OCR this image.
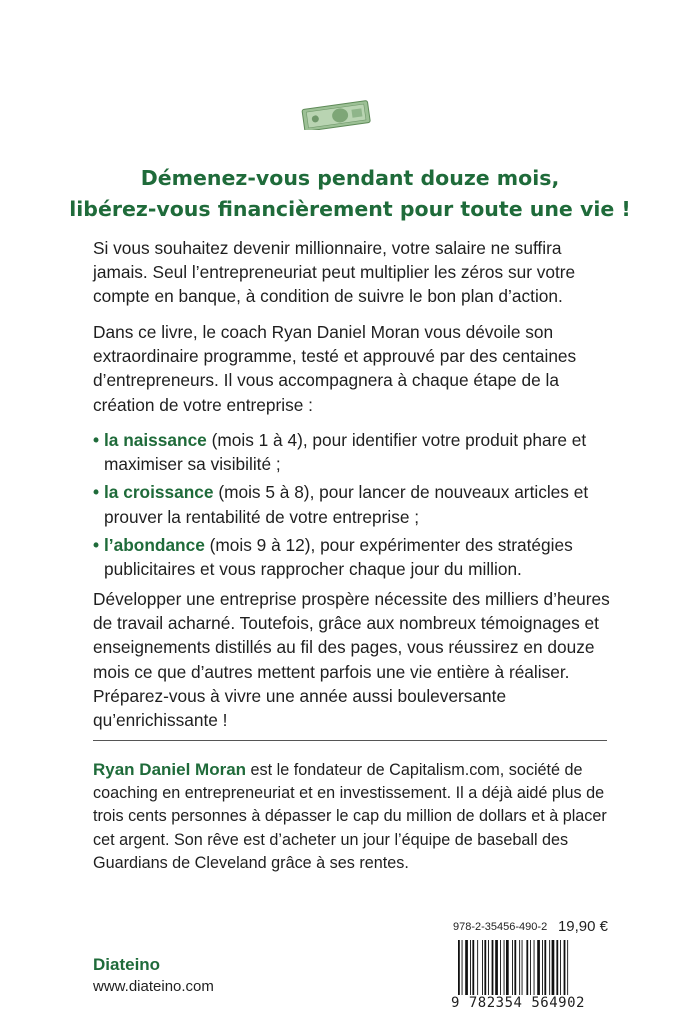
Démenez-vous pendant douze mois,
libérez-vous financièrement pour toute une vie !
Si vous souhaitez devenir millionnaire, votre salaire ne suffira jamais. Seul l’entrepreneuriat peut multiplier les zéros sur votre compte en banque, à condition de suivre le bon plan d’action.
Dans ce livre, le coach Ryan Daniel Moran vous dévoile son extraordinaire programme, testé et approuvé par des centaines d’entrepreneurs. Il vous accompagnera à chaque étape de la création de votre entreprise :
• la naissance (mois 1 à 4), pour identifier votre produit phare et maximiser sa visibilité ;
• la croissance (mois 5 à 8), pour lancer de nouveaux articles et prouver la rentabilité de votre entreprise ;
• l’abondance (mois 9 à 12), pour expérimenter des stratégies publicitaires et vous rapprocher chaque jour du million.
Développer une entreprise prospère nécessite des milliers d’heures de travail acharné. Toutefois, grâce aux nombreux témoignages et enseignements distillés au fil des pages, vous réussirez en douze mois ce que d’autres mettent parfois une vie entière à réaliser. Préparez-vous à vivre une année aussi bouleversante qu’enrichissante !
Ryan Daniel Moran est le fondateur de Capitalism.com, société de coaching en entrepreneuriat et en investissement. Il a déjà aidé plus de trois cents personnes à dépasser le cap du million de dollars et à placer cet argent. Son rêve est d’acheter un jour l’équipe de baseball des Guardians de Cleveland grâce à ses rentes.
978-2-35456-490-2 19,90 €
9 782354 564902
Diateino
www.diateino.com
